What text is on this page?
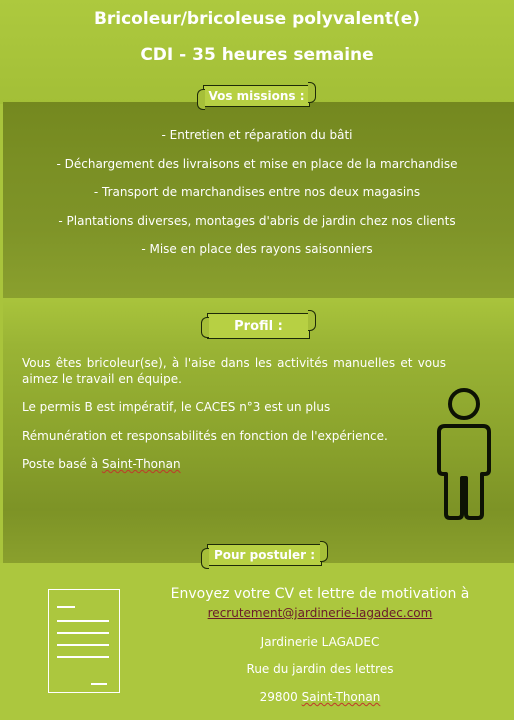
Bricoleur/bricoleuse polyvalent(e)
CDI - 35 heures semaine
Vos missions :
- Entretien et réparation du bâti
- Déchargement des livraisons et mise en place de la marchandise
- Transport de marchandises entre nos deux magasins
- Plantations diverses, montages d'abris de jardin chez nos clients
- Mise en place des rayons saisonniers
Profil :

Vous êtes bricoleur(se), à l'aise dans les activités manuelles et vous aimez le travail en équipe.

Le permis B est impératif, le CACES n°3 est un plus

Rémunération et responsabilités en fonction de l'expérience.

Poste basé à Saint-Thonan

Pour postuler :
Envoyez votre CV et lettre de motivation à
recrutement@jardinerie-lagadec.com
Jardinerie LAGADEC
Rue du jardin des lettres
29800 Saint-Thonan
